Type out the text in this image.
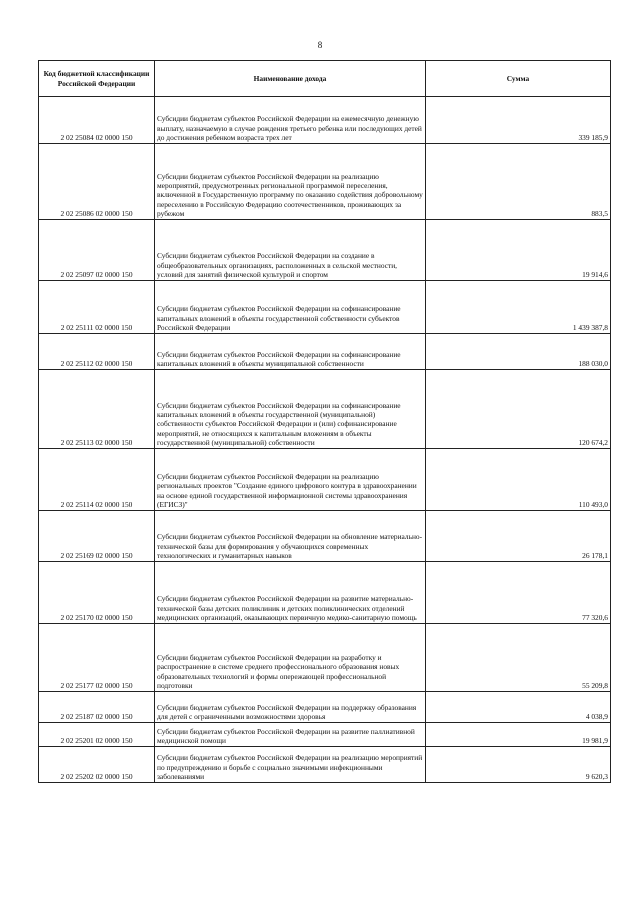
8
Код бюджетной классификации Российской Федерации	Наименование дохода	Сумма
2 02 25084 02 0000 150	Субсидии бюджетам субъектов Российской Федерации на ежемесячную денежную выплату, назначаемую в случае рождения третьего ребенка или последующих детей до достижения ребенком возраста трех лет	339 185,9
2 02 25086 02 0000 150	Субсидии бюджетам субъектов Российской Федерации на реализацию мероприятий, предусмотренных региональной программой переселения, включенной в Государственную программу по оказанию содействия добровольному переселению в Российскую Федерацию соотечественников, проживающих за рубежом	883,5
2 02 25097 02 0000 150	Субсидии бюджетам субъектов Российской Федерации на создание в общеобразовательных организациях, расположенных в сельской местности, условий для занятий физической культурой и спортом	19 914,6
2 02 25111 02 0000 150	Субсидии бюджетам субъектов Российской Федерации на софинансирование капитальных вложений в объекты государственной собственности субъектов Российской Федерации	1 439 387,8
2 02 25112 02 0000 150	Субсидии бюджетам субъектов Российской Федерации на софинансирование капитальных вложений в объекты муниципальной собственности	188 030,0
2 02 25113 02 0000 150	Субсидии бюджетам субъектов Российской Федерации на софинансирование капитальных вложений в объекты государственной (муниципальной) собственности субъектов Российской Федерации и (или) софинансирование мероприятий, не относящихся к капитальным вложениям в объекты государственной (муниципальной) собственности	120 674,2
2 02 25114 02 0000 150	Субсидии бюджетам субъектов Российской Федерации на реализацию региональных проектов "Создание единого цифрового контура в здравоохранении на основе единой государственной информационной системы здравоохранения (ЕГИСЗ)"	110 493,0
2 02 25169 02 0000 150	Субсидии бюджетам субъектов Российской Федерации на обновление материально-технической базы для формирования у обучающихся современных технологических и гуманитарных навыков	26 178,1
2 02 25170 02 0000 150	Субсидии бюджетам субъектов Российской Федерации на развитие материально-технической базы детских поликлиник и детских поликлинических отделений медицинских организаций, оказывающих первичную медико-санитарную помощь	77 320,6
2 02 25177 02 0000 150	Субсидии бюджетам субъектов Российской Федерации на разработку и распространение в системе среднего профессионального образования новых образовательных технологий и формы опережающей профессиональной подготовки	55 209,8
2 02 25187 02 0000 150	Субсидии бюджетам субъектов Российской Федерации на поддержку образования для детей с ограниченными возможностями здоровья	4 038,9
2 02 25201 02 0000 150	Субсидии бюджетам субъектов Российской Федерации на развитие паллиативной медицинской помощи	19 981,9
2 02 25202 02 0000 150	Субсидии бюджетам субъектов Российской Федерации на реализацию мероприятий по предупреждению и борьбе с социально значимыми инфекционными заболеваниями	9 620,3
